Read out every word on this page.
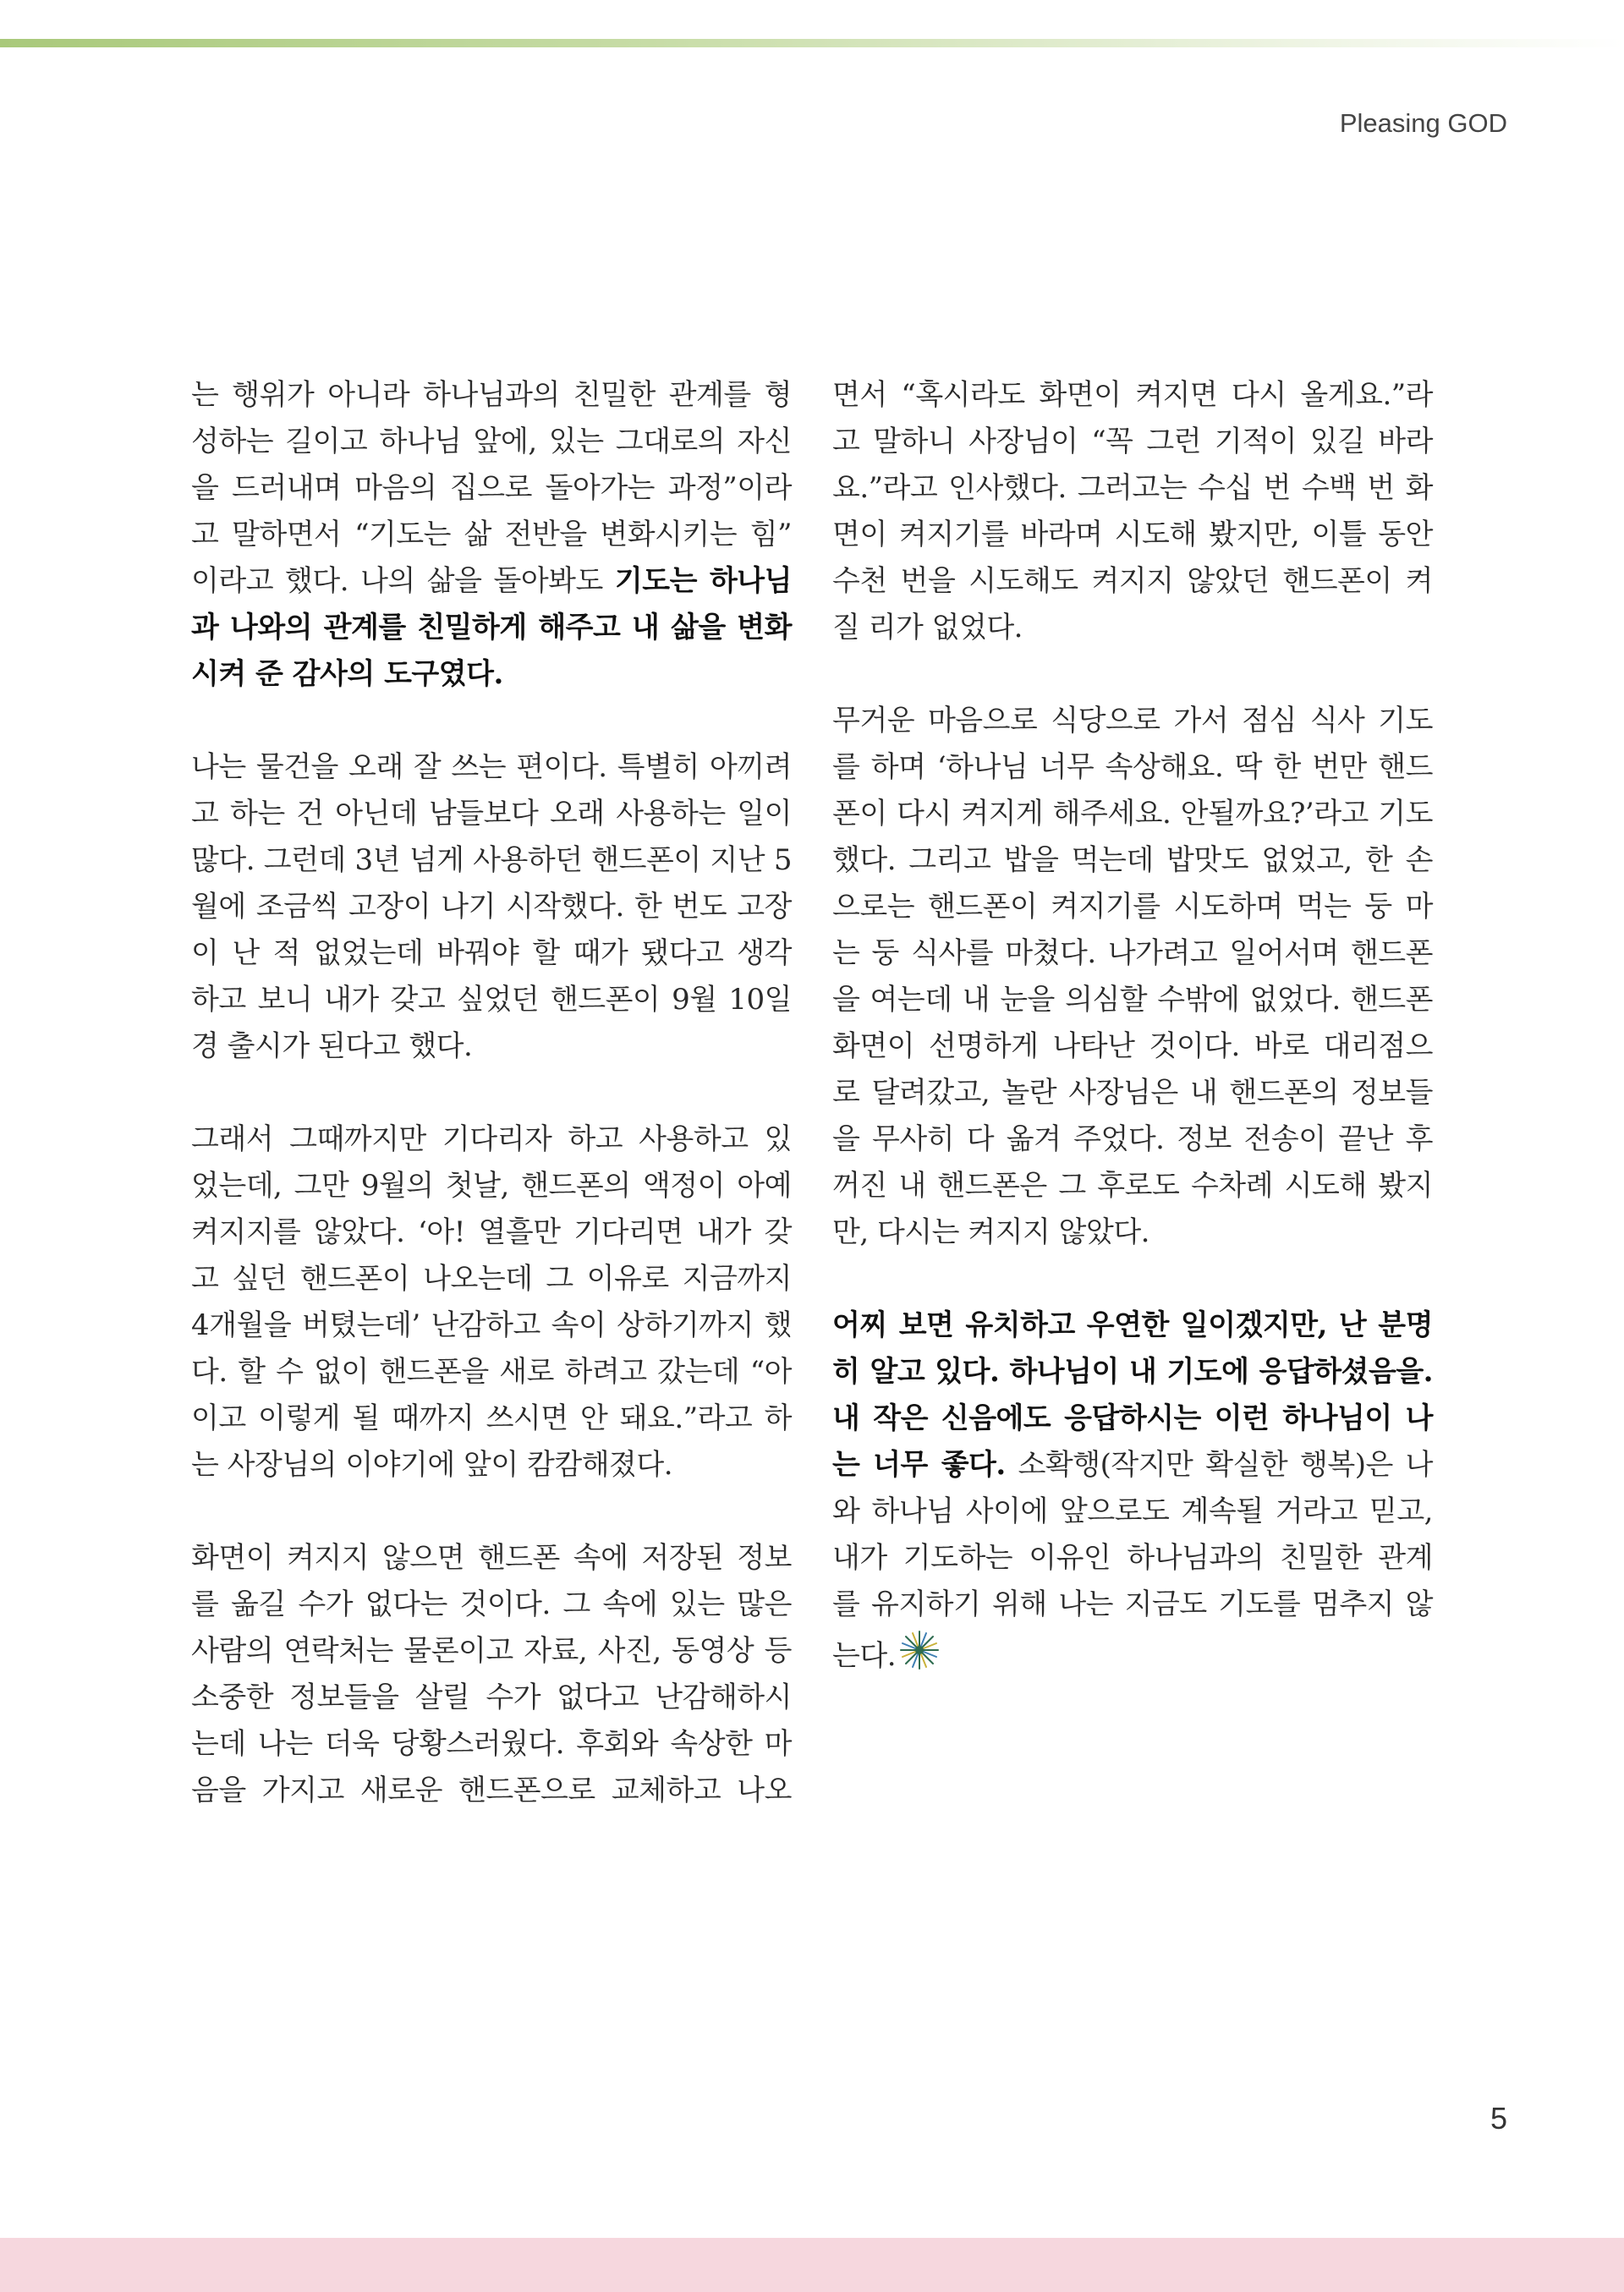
Pleasing GOD
는 행위가 아니라 하나님과의 친밀한 관계를 형
성하는 길이고 하나님 앞에, 있는 그대로의 자신
을 드러내며 마음의 집으로 돌아가는 과정”이라
고 말하면서 “기도는 삶 전반을 변화시키는 힘”
이라고 했다. 나의 삶을 돌아봐도 기도는 하나님
과 나와의 관계를 친밀하게 해주고 내 삶을 변화
시켜 준 감사의 도구였다.
나는 물건을 오래 잘 쓰는 편이다. 특별히 아끼려
고 하는 건 아닌데 남들보다 오래 사용하는 일이
많다. 그런데 3년 넘게 사용하던 핸드폰이 지난 5
월에 조금씩 고장이 나기 시작했다. 한 번도 고장
이 난 적 없었는데 바꿔야 할 때가 됐다고 생각
하고 보니 내가 갖고 싶었던 핸드폰이 9월 10일
경 출시가 된다고 했다.
그래서 그때까지만 기다리자 하고 사용하고 있
었는데, 그만 9월의 첫날, 핸드폰의 액정이 아예
켜지지를 않았다. ‘아! 열흘만 기다리면 내가 갖
고 싶던 핸드폰이 나오는데 그 이유로 지금까지
4개월을 버텼는데’ 난감하고 속이 상하기까지 했
다. 할 수 없이 핸드폰을 새로 하려고 갔는데 “아
이고 이렇게 될 때까지 쓰시면 안 돼요.”라고 하
는 사장님의 이야기에 앞이 캄캄해졌다.
화면이 켜지지 않으면 핸드폰 속에 저장된 정보
를 옮길 수가 없다는 것이다. 그 속에 있는 많은
사람의 연락처는 물론이고 자료, 사진, 동영상 등
소중한 정보들을 살릴 수가 없다고 난감해하시
는데 나는 더욱 당황스러웠다. 후회와 속상한 마
음을 가지고 새로운 핸드폰으로 교체하고 나오
면서 “혹시라도 화면이 켜지면 다시 올게요.”라
고 말하니 사장님이 “꼭 그런 기적이 있길 바라
요.”라고 인사했다. 그러고는 수십 번 수백 번 화
면이 켜지기를 바라며 시도해 봤지만, 이틀 동안
수천 번을 시도해도 켜지지 않았던 핸드폰이 켜
질 리가 없었다.
무거운 마음으로 식당으로 가서 점심 식사 기도
를 하며 ‘하나님 너무 속상해요. 딱 한 번만 핸드
폰이 다시 켜지게 해주세요. 안될까요?’라고 기도
했다. 그리고 밥을 먹는데 밥맛도 없었고, 한 손
으로는 핸드폰이 켜지기를 시도하며 먹는 둥 마
는 둥 식사를 마쳤다. 나가려고 일어서며 핸드폰
을 여는데 내 눈을 의심할 수밖에 없었다. 핸드폰
화면이 선명하게 나타난 것이다. 바로 대리점으
로 달려갔고, 놀란 사장님은 내 핸드폰의 정보들
을 무사히 다 옮겨 주었다. 정보 전송이 끝난 후
꺼진 내 핸드폰은 그 후로도 수차례 시도해 봤지
만, 다시는 켜지지 않았다.
어찌 보면 유치하고 우연한 일이겠지만, 난 분명
히 알고 있다. 하나님이 내 기도에 응답하셨음을.
내 작은 신음에도 응답하시는 이런 하나님이 나
는 너무 좋다. 소확행(작지만 확실한 행복)은 나
와 하나님 사이에 앞으로도 계속될 거라고 믿고,
내가 기도하는 이유인 하나님과의 친밀한 관계
를 유지하기 위해 나는 지금도 기도를 멈추지 않
는다.
5
